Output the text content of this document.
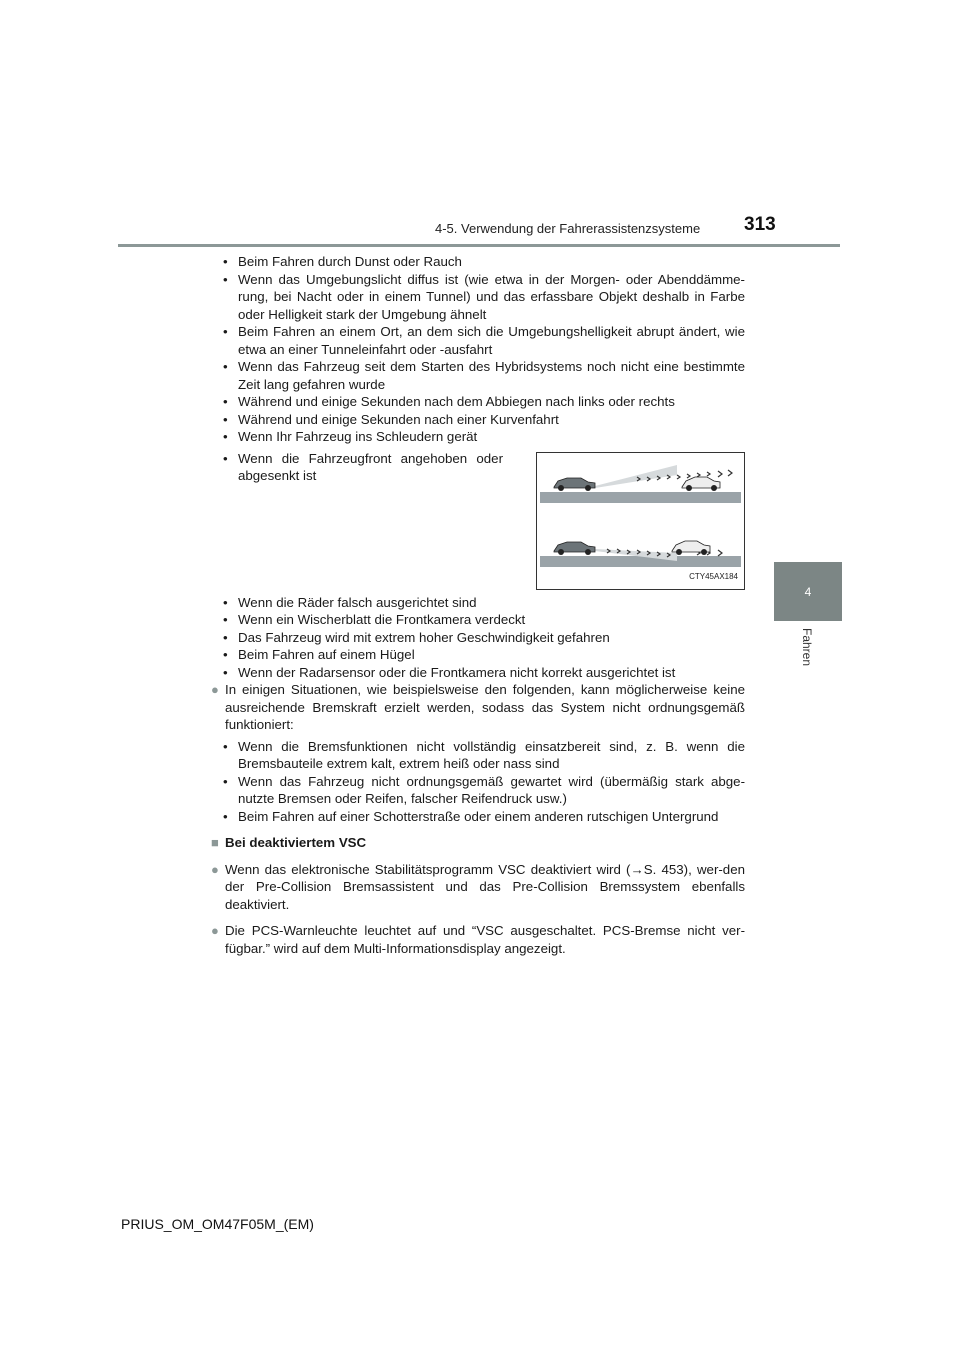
4-5. Verwendung der Fahrerassistenzsysteme 313
4
Fahren
• Beim Fahren durch Dunst oder Rauch
• Wenn das Umgebungslicht diffus ist (wie etwa in der Morgen- oder Abenddämme-rung, bei Nacht oder in einem Tunnel) und das erfassbare Objekt deshalb in Farbe oder Helligkeit stark der Umgebung ähnelt
• Beim Fahren an einem Ort, an dem sich die Umgebungshelligkeit abrupt ändert, wie etwa an einer Tunneleinfahrt oder -ausfahrt
• Wenn das Fahrzeug seit dem Starten des Hybridsystems noch nicht eine bestimmte Zeit lang gefahren wurde
• Während und einige Sekunden nach dem Abbiegen nach links oder rechts
• Während und einige Sekunden nach einer Kurvenfahrt
• Wenn Ihr Fahrzeug ins Schleudern gerät
• Wenn die Fahrzeugfront angehoben oder abgesenkt ist
CTY45AX184
• Wenn die Räder falsch ausgerichtet sind
• Wenn ein Wischerblatt die Frontkamera verdeckt
• Das Fahrzeug wird mit extrem hoher Geschwindigkeit gefahren
• Beim Fahren auf einem Hügel
• Wenn der Radarsensor oder die Frontkamera nicht korrekt ausgerichtet ist
● In einigen Situationen, wie beispielsweise den folgenden, kann möglicherweise keine ausreichende Bremskraft erzielt werden, sodass das System nicht ordnungsgemäß funktioniert:
• Wenn die Bremsfunktionen nicht vollständig einsatzbereit sind, z. B. wenn die Bremsbauteile extrem kalt, extrem heiß oder nass sind
• Wenn das Fahrzeug nicht ordnungsgemäß gewartet wird (übermäßig stark abge-nutzte Bremsen oder Reifen, falscher Reifendruck usw.)
• Beim Fahren auf einer Schotterstraße oder einem anderen rutschigen Untergrund
■ Bei deaktiviertem VSC
● Wenn das elektronische Stabilitätsprogramm VSC deaktiviert wird (→S. 453), wer-den der Pre-Collision Bremsassistent und das Pre-Collision Bremssystem ebenfalls deaktiviert.
● Die PCS-Warnleuchte leuchtet auf und “VSC ausgeschaltet. PCS-Bremse nicht ver-fügbar.” wird auf dem Multi-Informationsdisplay angezeigt.
PRIUS_OM_OM47F05M_(EM)
